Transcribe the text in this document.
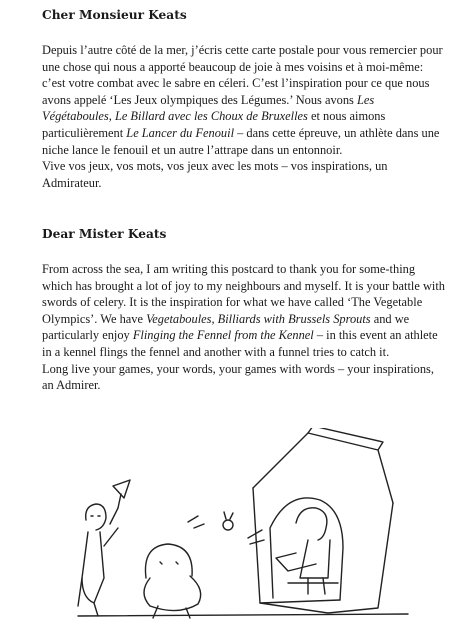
Cher Monsieur Keats

Depuis l’autre côté de la mer, j’écris cette carte postale pour vous remercier pour une chose qui nous a apporté beaucoup de joie à mes voisins et à moi-même: c’est votre combat avec le sabre en céleri. C’est l’inspiration pour ce que nous avons appelé ‘Les Jeux olympiques des Légumes.’ Nous avons Les Végétaboules, Le Billard avec les Choux de Bruxelles et nous aimons particulièrement Le Lancer du Fenouil – dans cette épreuve, un athlète dans une niche lance le fenouil et un autre l’attrape dans un entonnoir.
Vive vos jeux, vos mots, vos jeux avec les mots – vos inspirations, un Admirateur.

Dear Mister Keats

From across the sea, I am writing this postcard to thank you for some-thing which has brought a lot of joy to my neighbours and myself. It is your battle with swords of celery. It is the inspiration for what we have called ‘The Vegetable Olympics’. We have Vegetaboules, Billiards with Brussels Sprouts and we particularly enjoy Flinging the Fennel from the Kennel – in this event an athlete in a kennel flings the fennel and another with a funnel tries to catch it.
Long live your games, your words, your games with words – your inspirations, an Admirer.
